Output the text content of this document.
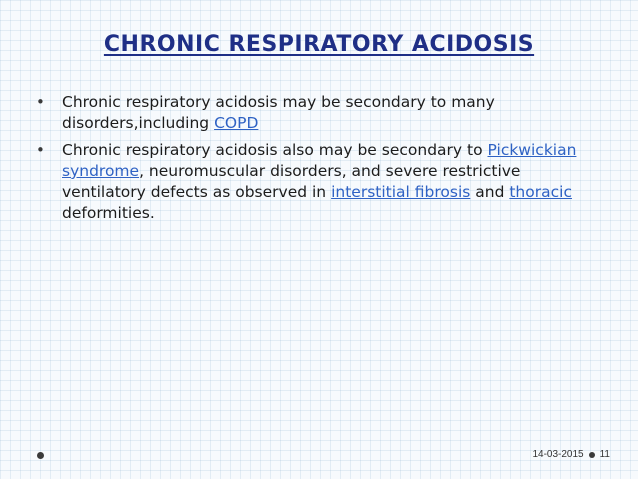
CHRONIC RESPIRATORY ACIDOSIS
• Chronic respiratory acidosis may be secondary to many disorders,including COPD
• Chronic respiratory acidosis also may be secondary to Pickwickian syndrome, neuromuscular disorders, and severe restrictive ventilatory defects as observed in interstitial fibrosis and thoracic deformities.
14-03-2015 11
